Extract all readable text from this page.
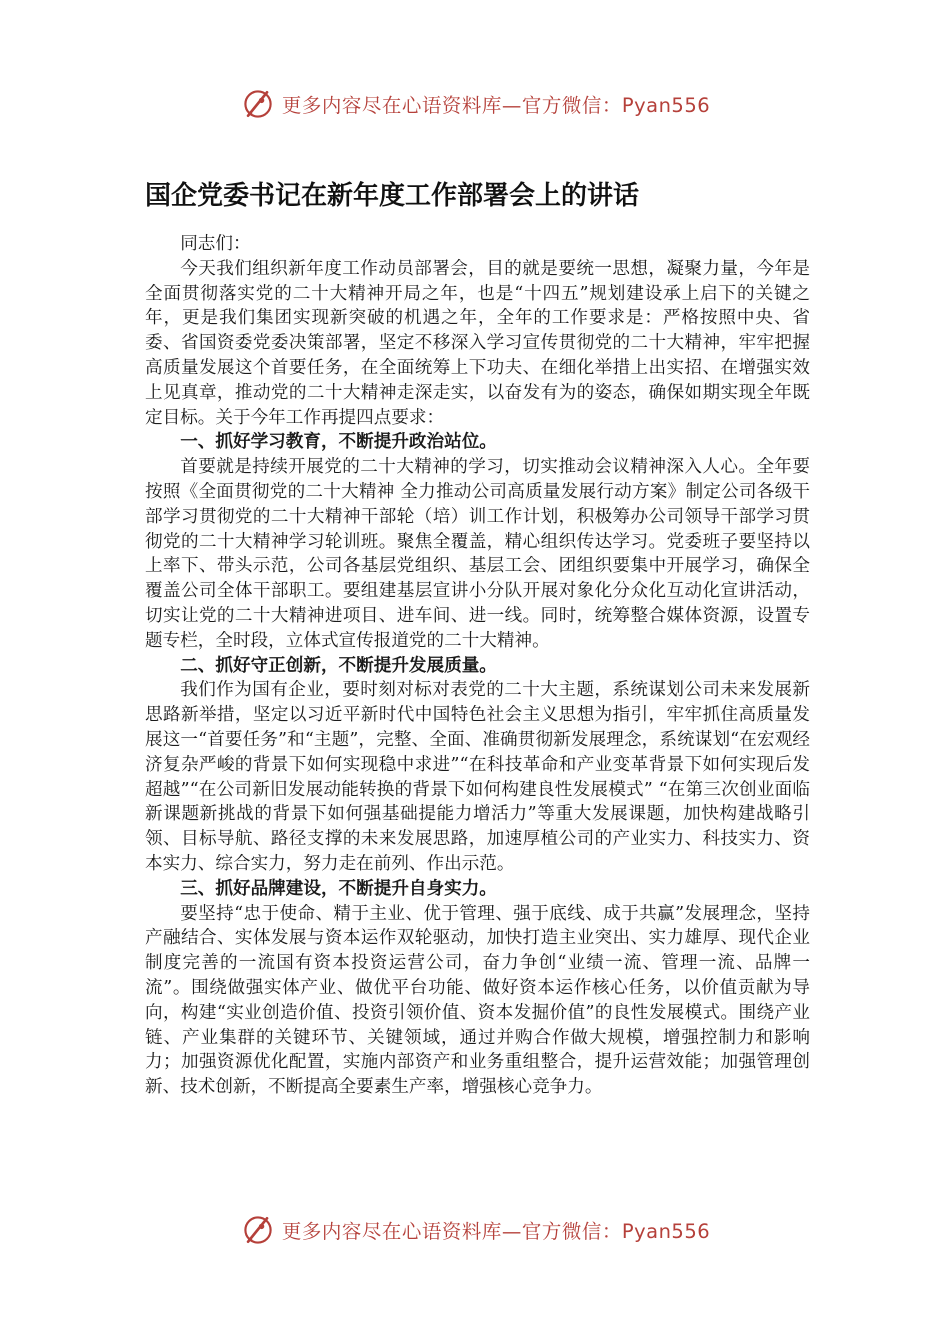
更多内容尽在心语资料库—官方微信：Pyan556
国企党委书记在新年度工作部署会上的讲话

同志们：

今天我们组织新年度工作动员部署会，目的就是要统一思想，凝聚力量，今年是全面贯彻落实党的二十大精神开局之年，也是“十四五”规划建设承上启下的关键之年，更是我们集团实现新突破的机遇之年，全年的工作要求是：严格按照中央、省委、省国资委党委决策部署，坚定不移深入学习宣传贯彻党的二十大精神，牢牢把握高质量发展这个首要任务，在全面统筹上下功夫、在细化举措上出实招、在增强实效上见真章，推动党的二十大精神走深走实，以奋发有为的姿态，确保如期实现全年既定目标。关于今年工作再提四点要求：

一、抓好学习教育，不断提升政治站位。

首要就是持续开展党的二十大精神的学习，切实推动会议精神深入人心。全年要按照《全面贯彻党的二十大精神 全力推动公司高质量发展行动方案》制定公司各级干部学习贯彻党的二十大精神干部轮（培）训工作计划，积极筹办公司领导干部学习贯彻党的二十大精神学习轮训班。聚焦全覆盖，精心组织传达学习。党委班子要坚持以上率下、带头示范，公司各基层党组织、基层工会、团组织要集中开展学习，确保全覆盖公司全体干部职工。要组建基层宣讲小分队开展对象化分众化互动化宣讲活动，切实让党的二十大精神进项目、进车间、进一线。同时，统筹整合媒体资源，设置专题专栏，全时段，立体式宣传报道党的二十大精神。

二、抓好守正创新，不断提升发展质量。

我们作为国有企业，要时刻对标对表党的二十大主题，系统谋划公司未来发展新思路新举措，坚定以习近平新时代中国特色社会主义思想为指引，牢牢抓住高质量发展这一“首要任务”和“主题”，完整、全面、准确贯彻新发展理念，系统谋划“在宏观经济复杂严峻的背景下如何实现稳中求进”“在科技革命和产业变革背景下如何实现后发超越”“在公司新旧发展动能转换的背景下如何构建良性发展模式” “在第三次创业面临新课题新挑战的背景下如何强基础提能力增活力”等重大发展课题，加快构建战略引领、目标导航、路径支撑的未来发展思路，加速厚植公司的产业实力、科技实力、资本实力、综合实力，努力走在前列、作出示范。

三、抓好品牌建设，不断提升自身实力。

要坚持“忠于使命、精于主业、优于管理、强于底线、成于共赢”发展理念，坚持产融结合、实体发展与资本运作双轮驱动，加快打造主业突出、实力雄厚、现代企业制度完善的一流国有资本投资运营公司，奋力争创“业绩一流、管理一流、品牌一流”。围绕做强实体产业、做优平台功能、做好资本运作核心任务，以价值贡献为导向，构建“实业创造价值、投资引领价值、资本发掘价值”的良性发展模式。围绕产业链、产业集群的关键环节、关键领域，通过并购合作做大规模，增强控制力和影响力；加强资源优化配置，实施内部资产和业务重组整合，提升运营效能；加强管理创新、技术创新，不断提高全要素生产率，增强核心竞争力。

更多内容尽在心语资料库—官方微信：Pyan556
